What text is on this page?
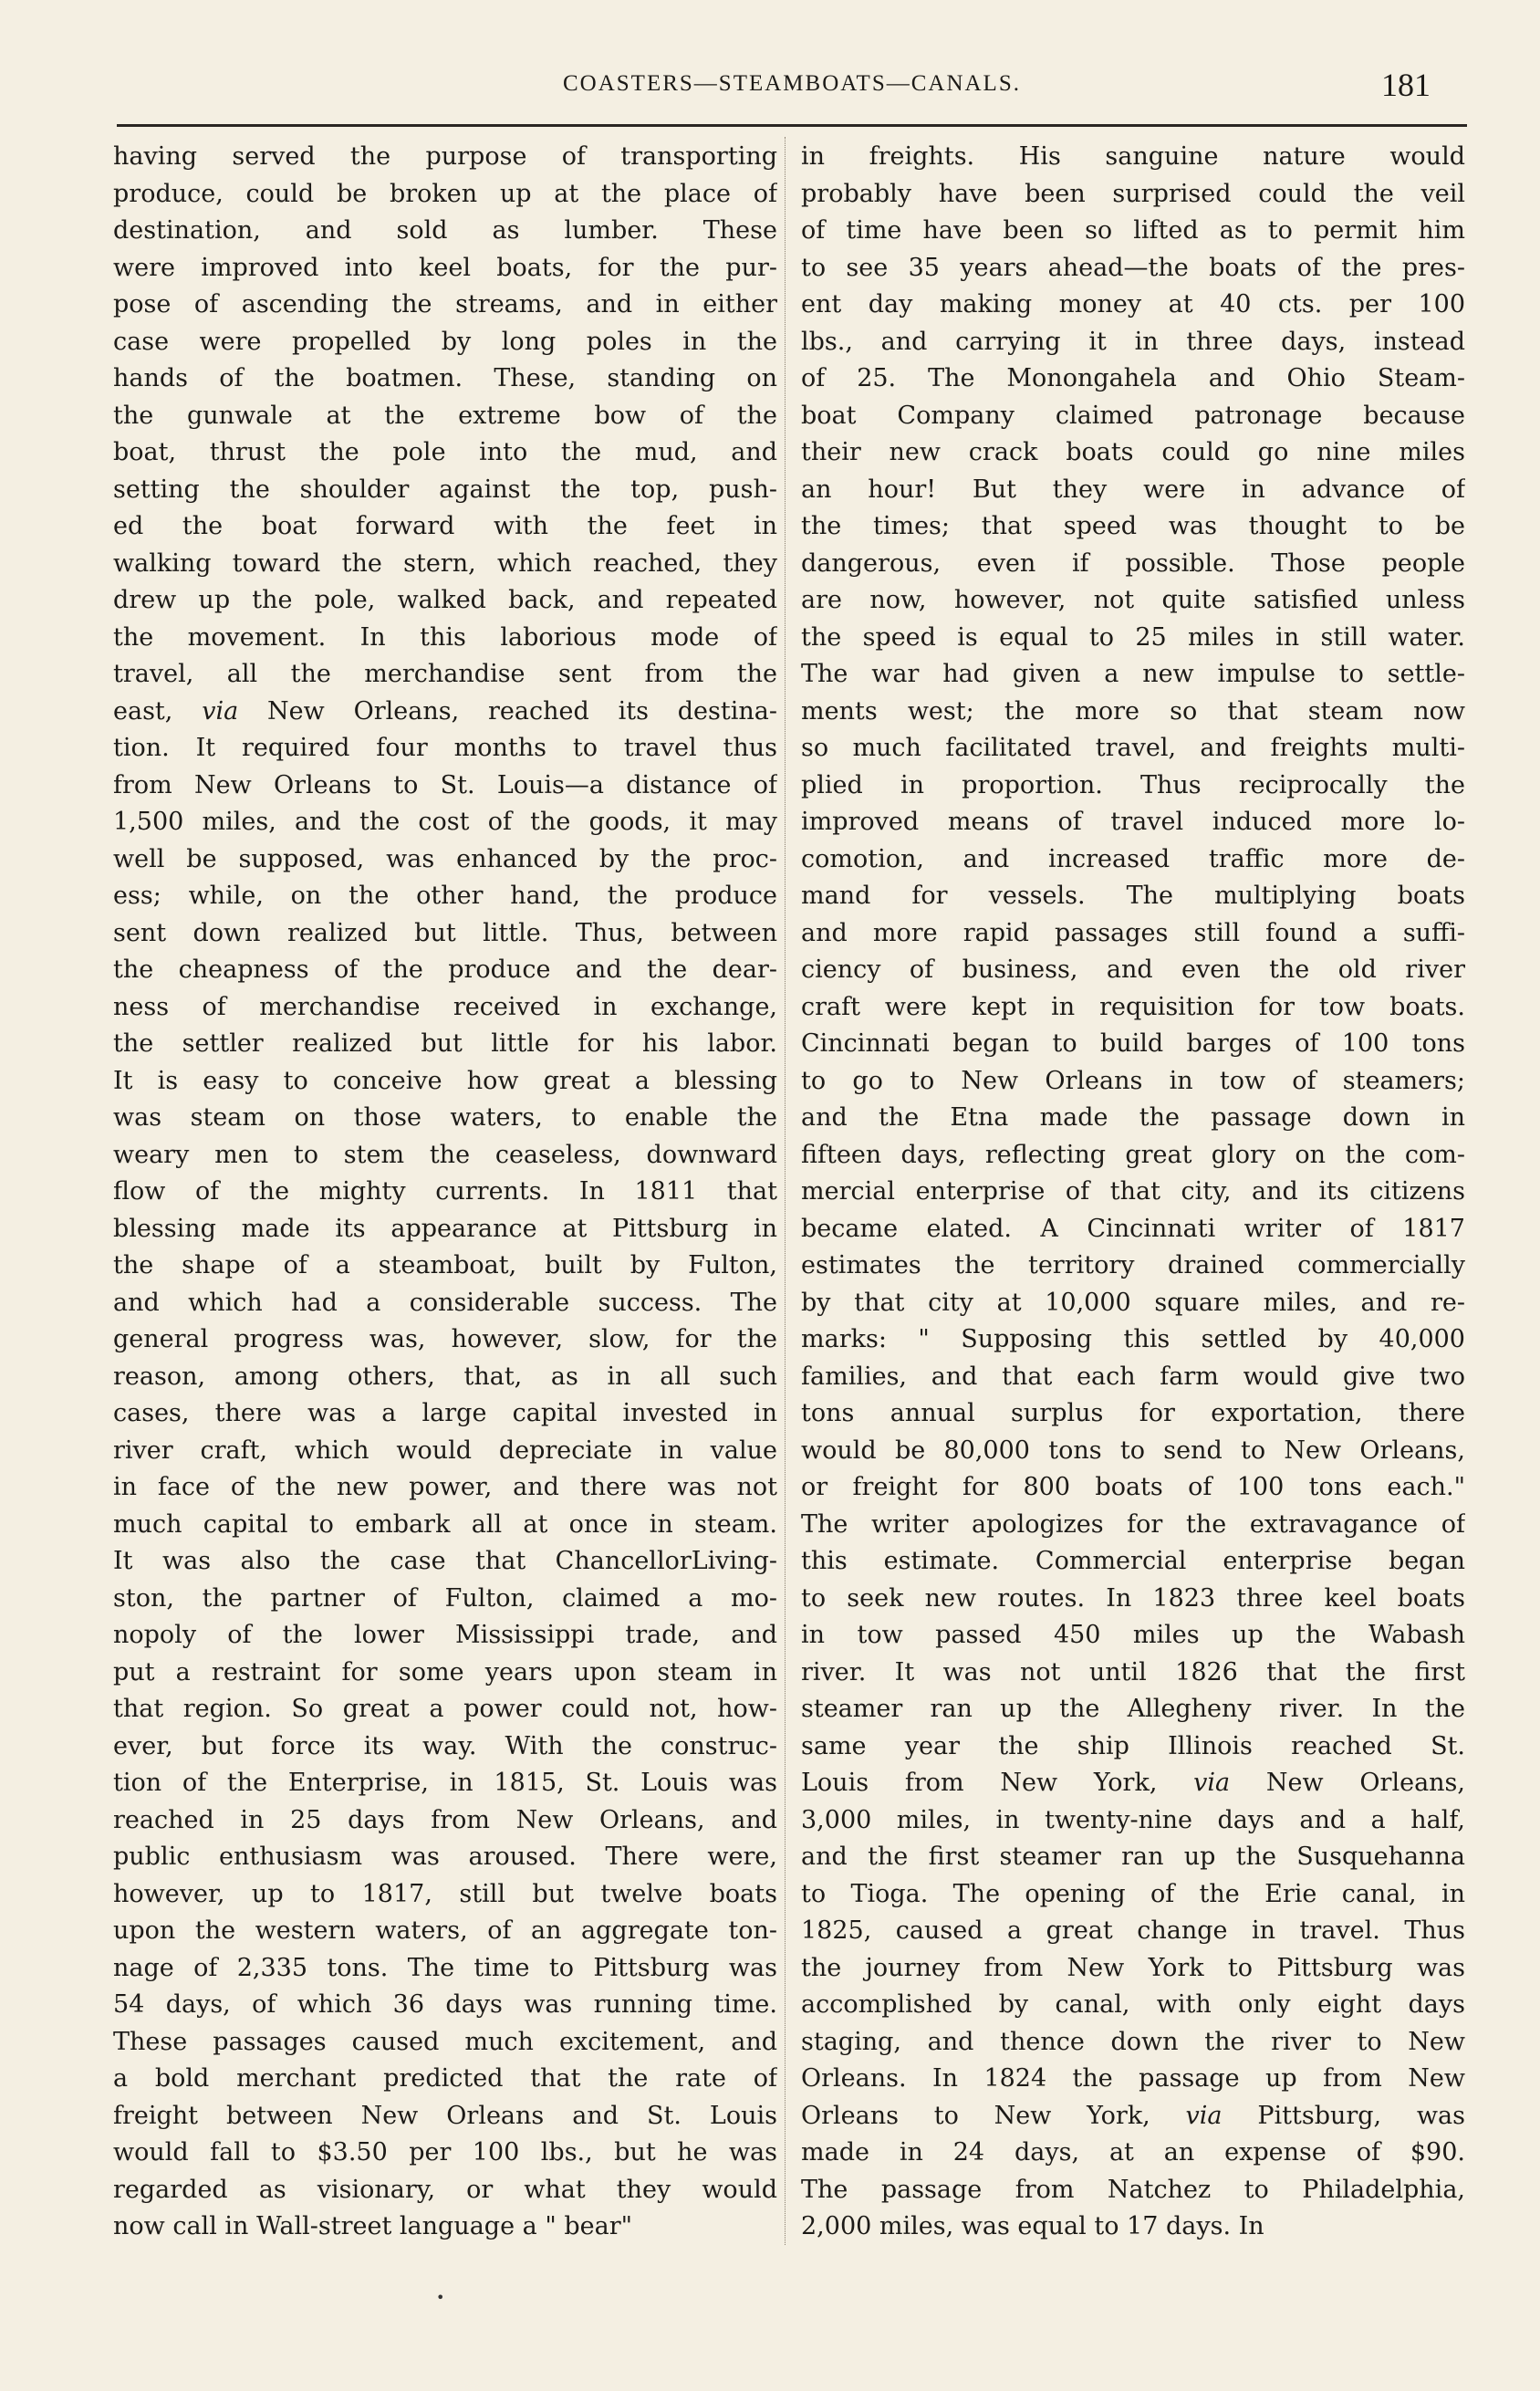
COASTERS—STEAMBOATS—CANALS.	181
having served the purpose of transporting
produce, could be broken up at the place of
destination, and sold as lumber. These
were improved into keel boats, for the pur-
pose of ascending the streams, and in either
case were propelled by long poles in the
hands of the boatmen. These, standing on
the gunwale at the extreme bow of the
boat, thrust the pole into the mud, and
setting the shoulder against the top, push-
ed the boat forward with the feet in
walking toward the stern, which reached, they
drew up the pole, walked back, and repeated
the movement. In this laborious mode of
travel, all the merchandise sent from the
east, via New Orleans, reached its destina-
tion. It required four months to travel thus
from New Orleans to St. Louis—a distance of
1,500 miles, and the cost of the goods, it may
well be supposed, was enhanced by the proc-
ess; while, on the other hand, the produce
sent down realized but little. Thus, between
the cheapness of the produce and the dear-
ness of merchandise received in exchange,
the settler realized but little for his labor.
It is easy to conceive how great a blessing
was steam on those waters, to enable the
weary men to stem the ceaseless, downward
flow of the mighty currents. In 1811 that
blessing made its appearance at Pittsburg in
the shape of a steamboat, built by Fulton,
and which had a considerable success. The
general progress was, however, slow, for the
reason, among others, that, as in all such
cases, there was a large capital invested in
river craft, which would depreciate in value
in face of the new power, and there was not
much capital to embark all at once in steam.
It was also the case that ChancellorLiving-
ston, the partner of Fulton, claimed a mo-
nopoly of the lower Mississippi trade, and
put a restraint for some years upon steam in
that region. So great a power could not, how-
ever, but force its way. With the construc-
tion of the Enterprise, in 1815, St. Louis was
reached in 25 days from New Orleans, and
public enthusiasm was aroused. There were,
however, up to 1817, still but twelve boats
upon the western waters, of an aggregate ton-
nage of 2,335 tons. The time to Pittsburg was
54 days, of which 36 days was running time.
These passages caused much excitement, and
a bold merchant predicted that the rate of
freight between New Orleans and St. Louis
would fall to $3.50 per 100 lbs., but he was
regarded as visionary, or what they would
now call in Wall-street language a " bear"
in freights. His sanguine nature would
probably have been surprised could the veil
of time have been so lifted as to permit him
to see 35 years ahead—the boats of the pres-
ent day making money at 40 cts. per 100
lbs., and carrying it in three days, instead
of 25. The Monongahela and Ohio Steam-
boat Company claimed patronage because
their new crack boats could go nine miles
an hour! But they were in advance of
the times; that speed was thought to be
dangerous, even if possible. Those people
are now, however, not quite satisfied unless
the speed is equal to 25 miles in still water.
The war had given a new impulse to settle-
ments west; the more so that steam now
so much facilitated travel, and freights multi-
plied in proportion. Thus reciprocally the
improved means of travel induced more lo-
comotion, and increased traffic more de-
mand for vessels. The multiplying boats
and more rapid passages still found a suffi-
ciency of business, and even the old river
craft were kept in requisition for tow boats.
Cincinnati began to build barges of 100 tons
to go to New Orleans in tow of steamers;
and the Etna made the passage down in
fifteen days, reflecting great glory on the com-
mercial enterprise of that city, and its citizens
became elated. A Cincinnati writer of 1817
estimates the territory drained commercially
by that city at 10,000 square miles, and re-
marks: " Supposing this settled by 40,000
families, and that each farm would give two
tons annual surplus for exportation, there
would be 80,000 tons to send to New Orleans,
or freight for 800 boats of 100 tons each."
The writer apologizes for the extravagance of
this estimate. Commercial enterprise began
to seek new routes. In 1823 three keel boats
in tow passed 450 miles up the Wabash
river. It was not until 1826 that the first
steamer ran up the Allegheny river. In the
same year the ship Illinois reached St.
Louis from New York, via New Orleans,
3,000 miles, in twenty-nine days and a half,
and the first steamer ran up the Susquehanna
to Tioga. The opening of the Erie canal, in
1825, caused a great change in travel. Thus
the journey from New York to Pittsburg was
accomplished by canal, with only eight days
staging, and thence down the river to New
Orleans. In 1824 the passage up from New
Orleans to New York, via Pittsburg, was
made in 24 days, at an expense of $90.
The passage from Natchez to Philadelphia,
2,000 miles, was equal to 17 days. In
•
